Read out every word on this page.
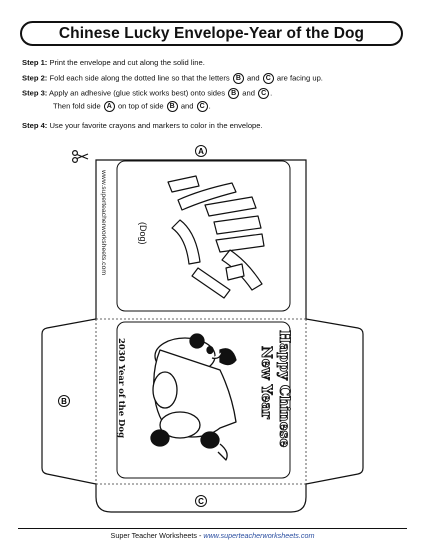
Chinese Lucky Envelope-Year of the Dog
Step 1: Print the envelope and cut along the solid line.
Step 2: Fold each side along the dotted line so that the letters B and C are facing up.
Step 3: Apply an adhesive (glue stick works best) onto sides B and C .
Then fold side A on top of side B and C .
Step 4: Use your favorite crayons and markers to color in the envelope.
A
B
C
www.superteacherworksheets.com	(Dog)
Happy Chinese
New Year
2030 Year of the Dog
Super Teacher Worksheets - www.superteacherworksheets.com
